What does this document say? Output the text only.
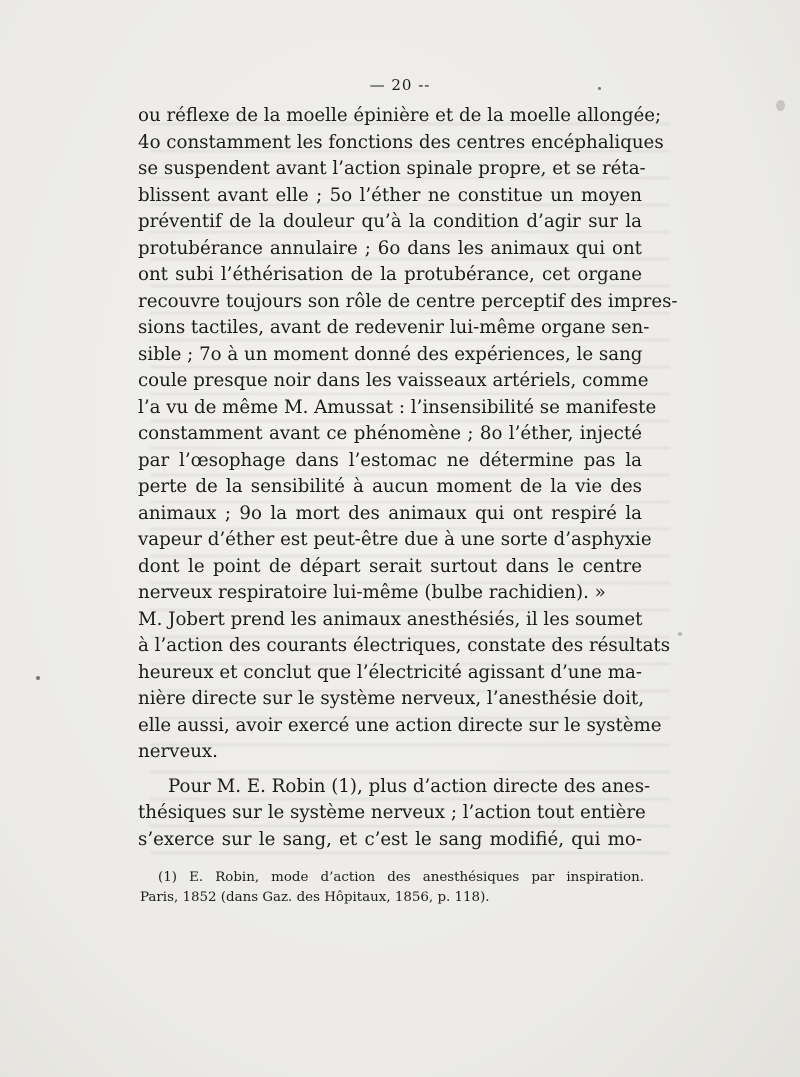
— 20 --
ou réflexe de la moelle épinière et de la moelle allongée;
4o constamment les fonctions des centres encéphaliques
se suspendent avant l’action spinale propre, et se réta-
blissent avant elle ; 5o l’éther ne constitue un moyen
préventif de la douleur qu’à la condition d’agir sur la
protubérance annulaire ; 6o dans les animaux qui ont
ont subi l’éthérisation de la protubérance, cet organe
recouvre toujours son rôle de centre perceptif des impres-
sions tactiles, avant de redevenir lui-même organe sen-
sible ; 7o à un moment donné des expériences, le sang
coule presque noir dans les vaisseaux artériels, comme
l’a vu de même M. Amussat : l’insensibilité se manifeste
constamment avant ce phénomène ; 8o l’éther, injecté
par l’œsophage dans l’estomac ne détermine pas la
perte de la sensibilité à aucun moment de la vie des
animaux ; 9o la mort des animaux qui ont respiré la
vapeur d’éther est peut-être due à une sorte d’asphyxie
dont le point de départ serait surtout dans le centre
nerveux respiratoire lui-même (bulbe rachidien). »
M. Jobert prend les animaux anesthésiés, il les soumet
à l’action des courants électriques, constate des résultats
heureux et conclut que l’électricité agissant d’une ma-
nière directe sur le système nerveux, l’anesthésie doit,
elle aussi, avoir exercé une action directe sur le système
nerveux.
Pour M. E. Robin (1), plus d’action directe des anes-
thésiques sur le système nerveux ; l’action tout entière
s’exerce sur le sang, et c’est le sang modifié, qui mo-
(1) E. Robin, mode d’action des anesthésiques par inspiration.
Paris, 1852 (dans Gaz. des Hôpitaux, 1856, p. 118).
